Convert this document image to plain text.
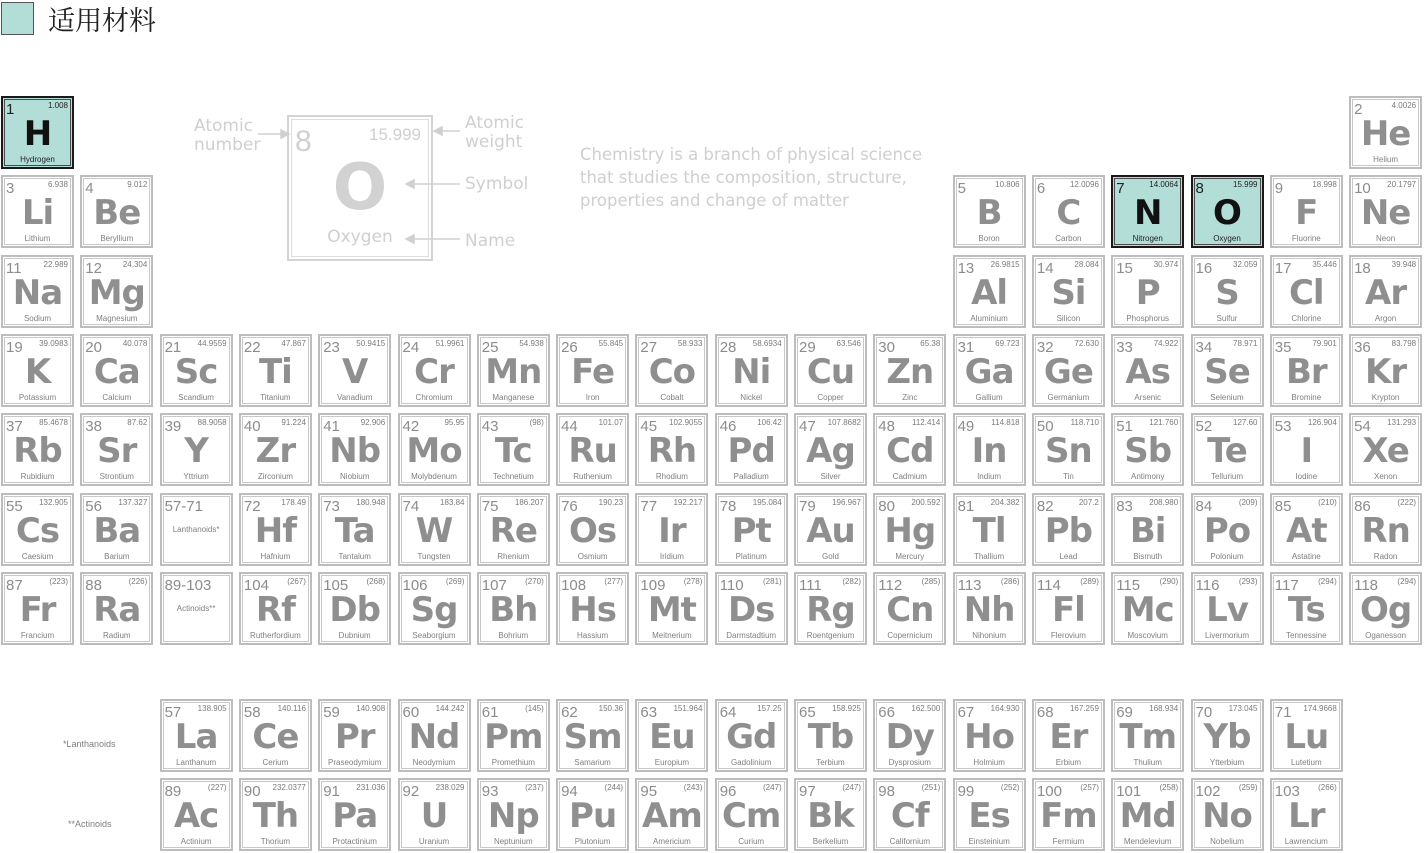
适用材料
8	15.999
O
Oxygen
Atomic
number
Atomic
weight
Symbol
Name
Chemistry is a branch of physical science that studies the composition, structure, properties and change of matter
*Lanthanoids
**Actinoids
1	1.008
H
Hydrogen
2	4.0026
He
Helium
3	6.938
Li
Lithium
4	9.012
Be
Beryllium
5	10.806
B
Boron
6	12.0096
C
Carbon
7	14.0064
N
Nitrogen
8	15.999
O
Oxygen
9	18.998
F
Fluorine
10 20.1797
Ne
Neon
11	22.989
Na
Sodium
12	24.304
Mg
Magnesium
13 26.9815
Al
Aluminium
14	28.084
Si
Silicon
15	30.974
P
Phosphorus
16	32.059
S
Sulfur
17	35.446
Cl
Chlorine
18	39.948
Ar
Argon
19 39.0983
K
Potassium
20	40.078
Ca
Calcium
21 44.9559
Sc
Scandium
22	47.867
Ti
Titanium
23 50.9415
V
Vanadium
24 51.9961
Cr
Chromium
25	54.938
Mn
Manganese
26	55.845
Fe
Iron
27	58.933
Co
Cobalt
28 58.6934
Ni
Nickel
29	63.546
Cu
Copper
30	65.38
Zn
Zinc
31	69.723
Ga
Gallium
32	72.630
Ge
Germanium
33	74.922
As
Arsenic
34	78.971
Se
Selenium
35	79.901
Br
Bromine
36	83.798
Kr
Krypton
37 85.4678
Rb
Rubidium
38	87.62
Sr
Strontium
39 88.9058
Y
Yttrium
40	91.224
Zr
Zirconium
41	92.906
Nb
Niobium
42	95.95
Mo
Molybdenum
43	(98)
Tc
Technetium
44	101.07
Ru
Ruthenium
45 102.9055
Rh
Rhodium
46	106.42
Pd
Palladium
47 107.8682
Ag
Silver
48 112.414
Cd
Cadmium
49 114.818
In
Indium
50 118.710
Sn
Tin
51 121.760
Sb
Antimony
52	127.60
Te
Tellurium
53 126.904
I
Iodine
54 131.293
Xe
Xenon
55 132.905
Cs
Caesium
56 137.327
Ba
Barium
57-71
Lanthanoids*
72	178.49
Hf
Hafnium
73 180.948
Ta
Tantalum
74	183.84
W
Tungsten
75 186.207
Re
Rhenium
76	190.23
Os
Osmium
77 192.217
Ir
Iridium
78 195.084
Pt
Platinum
79 196.967
Au
Gold
80 200.592
Hg
Mercury
81 204.382
Tl
Thallium
82	207.2
Pb
Lead
83 208.980
Bi
Bismuth
84	(209)
Po
Polonium
85	(210)
At
Astatine
86	(222)
Rn
Radon
87	(223)
Fr
Francium
88	(226)
Ra
Radium
89-103
Actinoids**
104 (267)
Rf
Rutherfordium
105 (268)
Db
Dubnium
106 (269)
Sg
Seaborgium
107 (270)
Bh
Bohrium
108 (277)
Hs
Hassium
109 (278)
Mt
Meitnerium
110 (281)
Ds
Darmstadtium
111	(282)
Rg
Roentgenium
112 (285)
Cn
Copernicium
113 (286)
Nh
Nihonium
114 (289)
Fl
Flerovium
115 (290)
Mc
Moscovium
116 (293)
Lv
Livermorium
117 (294)
Ts
Tennessine
118 (294)
Og
Oganesson
57 138.905
La
Lanthanum
58 140.116
Ce
Cerium
59 140.908
Pr
Praseodymium
60 144.242
Nd
Neodymium
61	(145)
Pm
Promethium
62	150.36
Sm
Samarium
63 151.964
Eu
Europium
64	157.25
Gd
Gadolinium
65 158.925
Tb
Terbium
66 162.500
Dy
Dysprosium
67 164.930
Ho
Holmium
68 167.259
Er
Erbium
69 168.934
Tm
Thulium
70 173.045
Yb
Ytterbium
71 174.9668
Lu
Lutetium
89	(227)
Ac
Actinium
90 232.0377
Th
Thorium
91 231.036
Pa
Protactinium
92 238.029
U
Uranium
93	(237)
Np
Neptunium
94	(244)
Pu
Plutonium
95	(243)
Am
Americium
96	(247)
Cm
Curium
97	(247)
Bk
Berkelium
98	(251)
Cf
Californium
99	(252)
Es
Einsteinium
100 (257)
Fm
Fermium
101 (258)
Md
Mendelevium
102 (259)
No
Nobelium
103 (266)
Lr
Lawrencium
